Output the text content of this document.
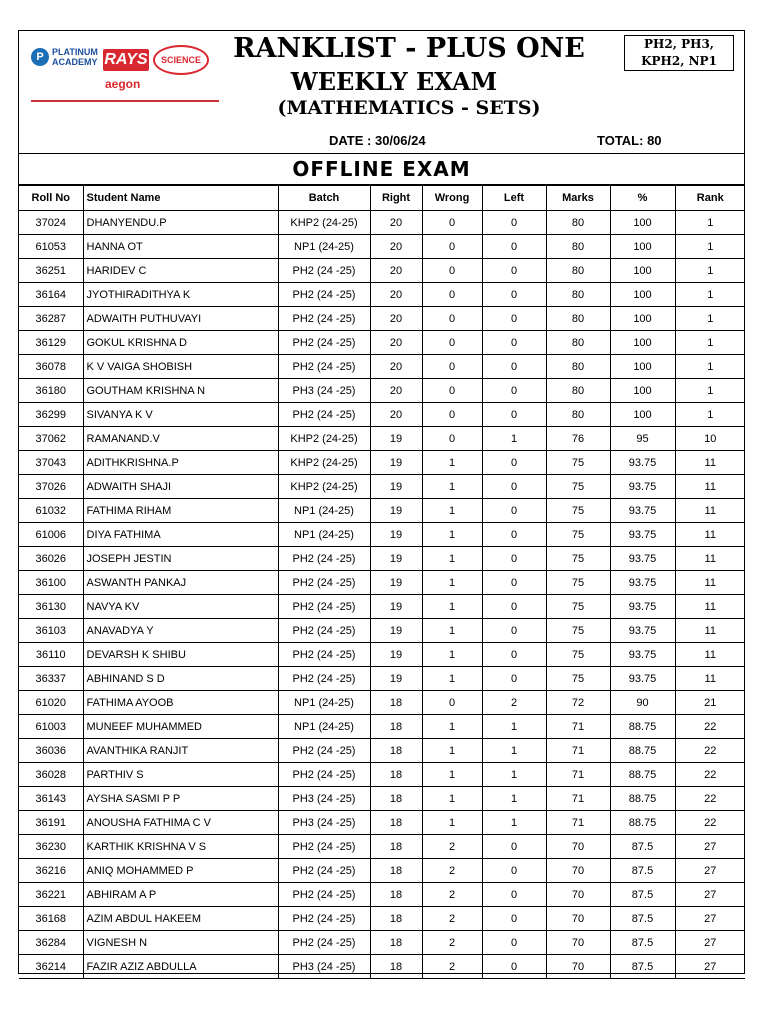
P PLATINUM
ACADEMY RAYS	SCIENCE
aegon
RANKLIST - PLUS ONE
WEEKLY EXAM
(MATHEMATICS - SETS)
PH2, PH3,
KPH2, NP1
DATE : 30/06/24	TOTAL: 80
OFFLINE EXAM
Roll No	Student Name	Batch	Right	Wrong	Left	Marks	%	Rank
37024	DHANYENDU.P	KHP2 (24-25)	20	0	0	80	100	1
61053	HANNA OT	NP1 (24-25)	20	0	0	80	100	1
36251	HARIDEV C	PH2 (24 -25)	20	0	0	80	100	1
36164	JYOTHIRADITHYA K	PH2 (24 -25)	20	0	0	80	100	1
36287	ADWAITH PUTHUVAYI	PH2 (24 -25)	20	0	0	80	100	1
36129	GOKUL KRISHNA D	PH2 (24 -25)	20	0	0	80	100	1
36078	K V VAIGA SHOBISH	PH2 (24 -25)	20	0	0	80	100	1
36180	GOUTHAM KRISHNA N	PH3 (24 -25)	20	0	0	80	100	1
36299	SIVANYA K V	PH2 (24 -25)	20	0	0	80	100	1
37062	RAMANAND.V	KHP2 (24-25)	19	0	1	76	95	10
37043	ADITHKRISHNA.P	KHP2 (24-25)	19	1	0	75	93.75	11
37026	ADWAITH SHAJI	KHP2 (24-25)	19	1	0	75	93.75	11
61032	FATHIMA RIHAM	NP1 (24-25)	19	1	0	75	93.75	11
61006	DIYA FATHIMA	NP1 (24-25)	19	1	0	75	93.75	11
36026	JOSEPH JESTIN	PH2 (24 -25)	19	1	0	75	93.75	11
36100	ASWANTH PANKAJ	PH2 (24 -25)	19	1	0	75	93.75	11
36130	NAVYA KV	PH2 (24 -25)	19	1	0	75	93.75	11
36103	ANAVADYA Y	PH2 (24 -25)	19	1	0	75	93.75	11
36110	DEVARSH K SHIBU	PH2 (24 -25)	19	1	0	75	93.75	11
36337	ABHINAND S D	PH2 (24 -25)	19	1	0	75	93.75	11
61020	FATHIMA AYOOB	NP1 (24-25)	18	0	2	72	90	21
61003	MUNEEF MUHAMMED	NP1 (24-25)	18	1	1	71	88.75	22
36036	AVANTHIKA RANJIT	PH2 (24 -25)	18	1	1	71	88.75	22
36028	PARTHIV S	PH2 (24 -25)	18	1	1	71	88.75	22
36143	AYSHA SASMI P P	PH3 (24 -25)	18	1	1	71	88.75	22
36191	ANOUSHA FATHIMA C V	PH3 (24 -25)	18	1	1	71	88.75	22
36230	KARTHIK KRISHNA V S	PH2 (24 -25)	18	2	0	70	87.5	27
36216	ANIQ MOHAMMED P	PH2 (24 -25)	18	2	0	70	87.5	27
36221	ABHIRAM A P	PH2 (24 -25)	18	2	0	70	87.5	27
36168	AZIM ABDUL HAKEEM	PH2 (24 -25)	18	2	0	70	87.5	27
36284	VIGNESH N	PH2 (24 -25)	18	2	0	70	87.5	27
36214	FAZIR AZIZ ABDULLA	PH3 (24 -25)	18	2	0	70	87.5	27
